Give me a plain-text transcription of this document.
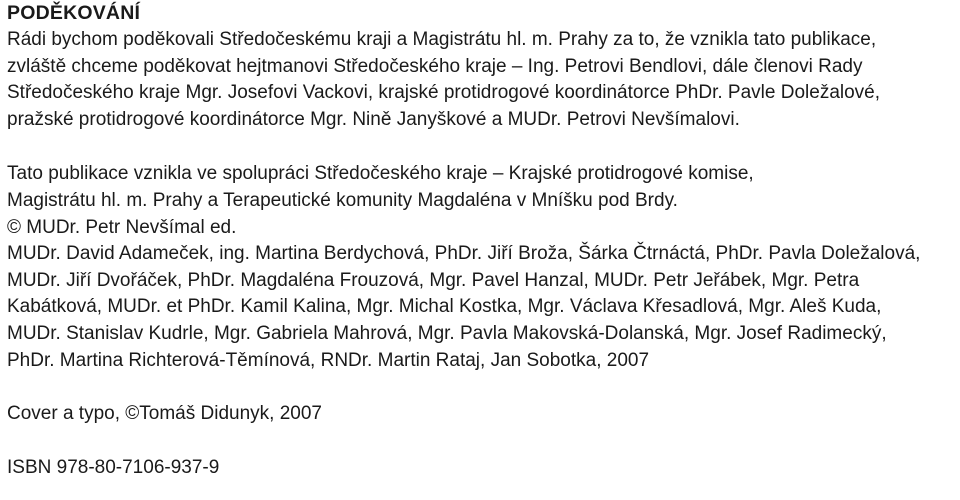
PODĚKOVÁNÍ

Rádi bychom poděkovali Středočeskému kraji a Magistrátu hl. m. Prahy za to, že vznikla tato publikace,
zvláště chceme poděkovat hejtmanovi Středočeského kraje – Ing. Petrovi Bendlovi, dále členovi Rady
Středočeského kraje Mgr. Josefovi Vackovi, krajské protidrogové koordinátorce PhDr. Pavle Doležalové,
pražské protidrogové koordinátorce Mgr. Nině Janyškové a MUDr. Petrovi Nevšímalovi.

Tato publikace vznikla ve spolupráci Středočeského kraje – Krajské protidrogové komise,
Magistrátu hl. m. Prahy a Terapeutické komunity Magdaléna v Mníšku pod Brdy.
© MUDr. Petr Nevšímal ed.

MUDr. David Adameček, ing. Martina Berdychová, PhDr. Jiří Broža, Šárka Čtrnáctá, PhDr. Pavla Doležalová,
MUDr. Jiří Dvořáček, PhDr. Magdaléna Frouzová, Mgr. Pavel Hanzal, MUDr. Petr Jeřábek, Mgr. Petra
Kabátková, MUDr. et PhDr. Kamil Kalina, Mgr. Michal Kostka, Mgr. Václava Křesadlová, Mgr. Aleš Kuda,
MUDr. Stanislav Kudrle, Mgr. Gabriela Mahrová, Mgr. Pavla Makovská-Dolanská, Mgr. Josef Radimecký,
PhDr. Martina Richterová-Těmínová, RNDr. Martin Rataj, Jan Sobotka, 2007

Cover a typo, ©Tomáš Didunyk, 2007

ISBN 978-80-7106-937-9
